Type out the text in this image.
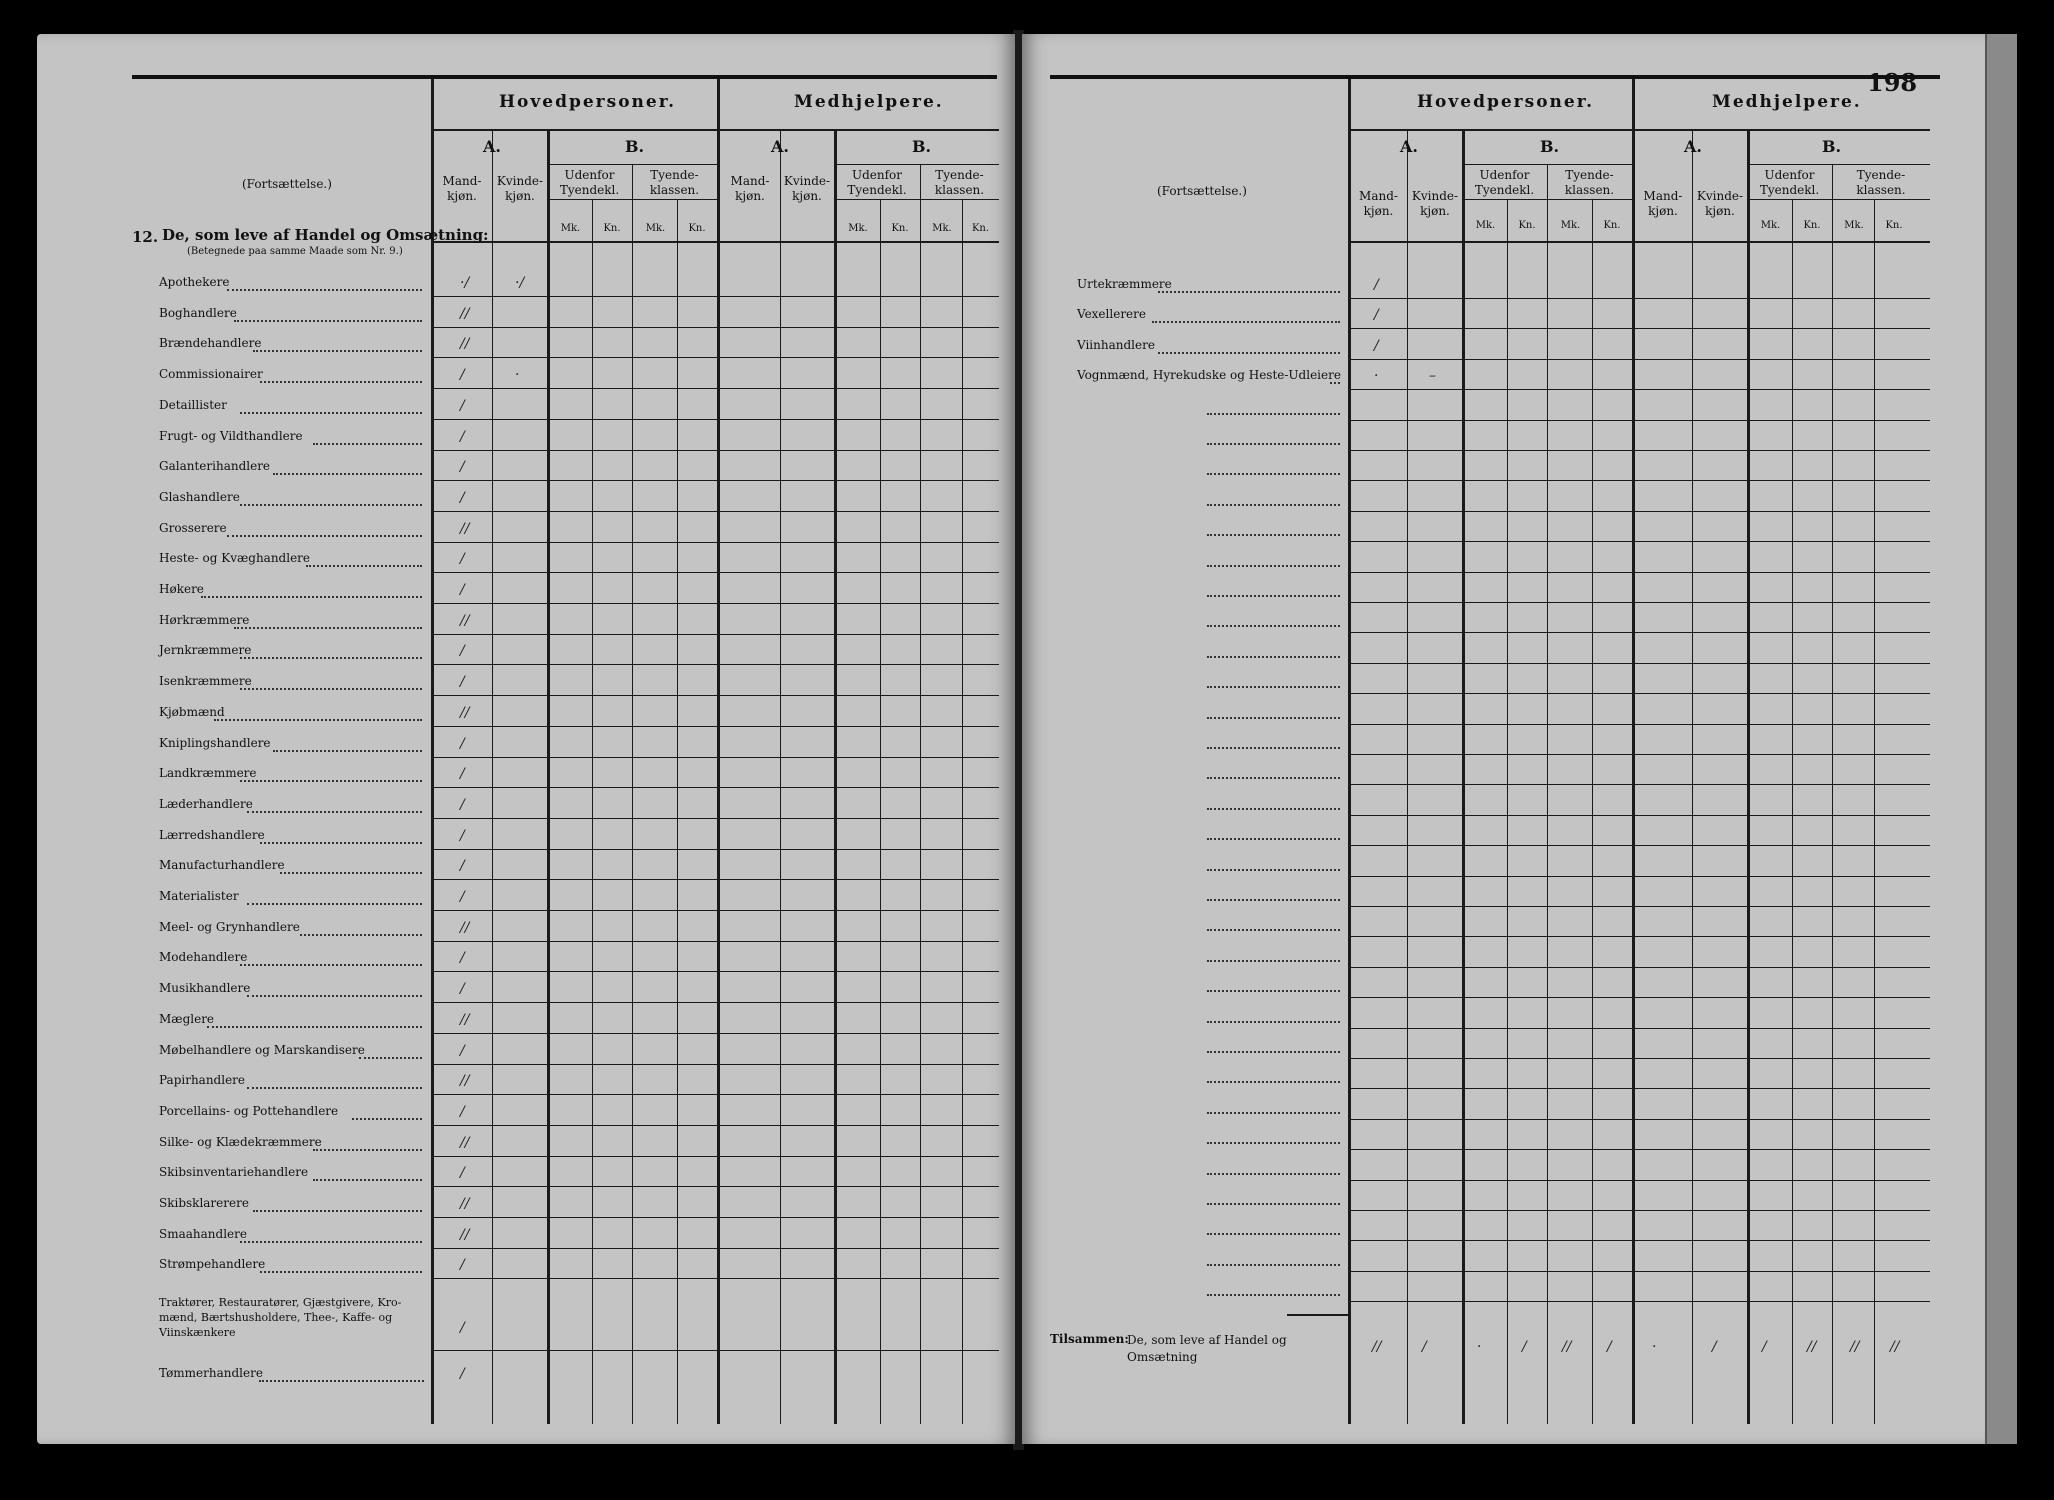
Hovedpersoner.	Medhjelpere.
A.	B.	A.	B.
Mand-
kjøn.
Kvinde-
kjøn.
Udenfor
Tyendekl.
Tyende-
klassen.
Mand-
kjøn.
Kvinde-
kjøn.
Udenfor
Tyendekl.
Tyende-
klassen.
Mk.	Kn.	Mk.	Kn.	Mk.	Kn.	Mk.	Kn.
(Fortsættelse.)
12. De, som leve af Handel og Omsætning:
(Betegnede paa samme Maade som Nr. 9.)
Apothekere	·/	·/
Boghandlere	//
Brændehandlere	//
Commissionairer	/	·
Detaillister	/
Frugt- og Vildthandlere	/
Galanterihandlere	/
Glashandlere	/
Grosserere	//
Heste- og Kvæghandlere	/
Høkere	/
Hørkræmmere	//
Jernkræmmere	/
Isenkræmmere	/
Kjøbmænd	//
Kniplingshandlere	/
Landkræmmere	/
Læderhandlere	/
Lærredshandlere	/
Manufacturhandlere	/
Materialister	/
Meel- og Grynhandlere	//
Modehandlere	/
Musikhandlere	/
Mæglere	//
Møbelhandlere og Marskandisere	/
Papirhandlere	//
Porcellains- og Pottehandlere	/
Silke- og Klædekræmmere	//
Skibsinventariehandlere	/
Skibsklarerere	//
Smaahandlere	//
Strømpehandlere	/
Traktører, Restauratører, Gjæstgivere, Kro-
mænd, Bærtshusholdere, Thee-, Kaffe- og
Viinskænkere	/
Tømmerhandlere	/
198
Hovedpersoner.	Medhjelpere.
A.	B.	A.	B.
Mand-
kjøn.
Kvinde-
kjøn.
Udenfor
Tyendekl.
Tyende-
klassen.	Mand-
kjøn.
Kvinde-
kjøn.
Udenfor
Tyendekl.
Tyende-
klassen.
Mk.	Kn.	Mk.	Kn.	Mk.	Kn.	Mk.	Kn.
(Fortsættelse.)
Tilsammen:
De, som leve af Handel og Omsætning
//	/	·	/	//	/	·	/	/	// // //
Urtekræmmere	/
Vexellerere	/
Viinhandlere	/
Vognmænd, Hyrekudske og Heste-Udleiere ·	–
